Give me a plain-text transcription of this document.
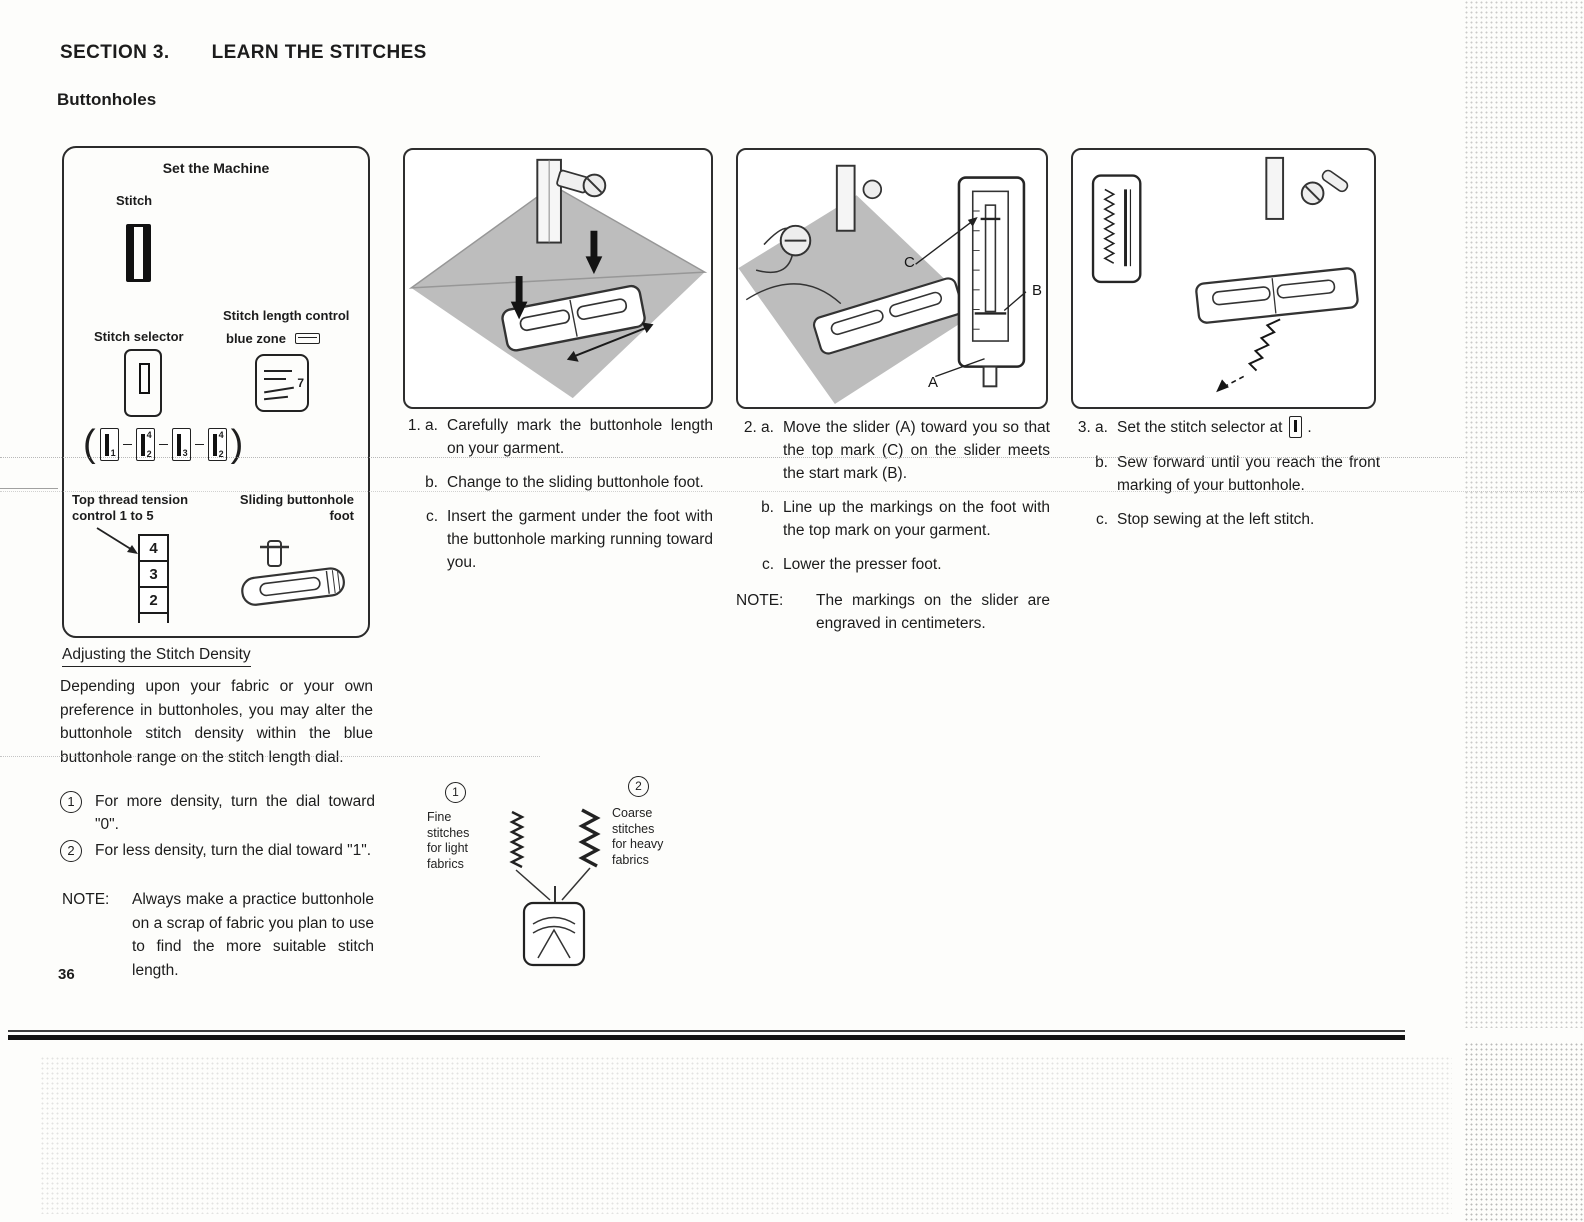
SECTION 3. LEARN THE STITCHES
Buttonholes
Set the Machine
Stitch
Stitch selector
Stitch length control
blue zone
7
( 1
4
2	3
4
2 )
Top thread tension
control 1 to 5
4
3
2
Sliding buttonhole
foot
Adjusting the Stitch Density
Depending upon your fabric or your own preference in buttonholes, you may alter the buttonhole stitch density within the blue buttonhole range on the stitch length dial.
1	For more density, turn the dial toward "0".
2	For less density, turn the dial toward "1".
NOTE:	Always make a practice buttonhole on a scrap of fabric you plan to use to find the more suitable stitch length.
36
C
B
A
1. a. Carefully mark the buttonhole length on your garment.
b. Change to the sliding buttonhole foot.
c. Insert the garment under the foot with the buttonhole marking running toward you.
2. a. Move the slider (A) toward you so that the top mark (C) on the slider meets the start mark (B).
b. Line up the markings on the foot with the top mark on your garment.
c. Lower the presser foot.
NOTE:	The markings on the slider are engraved in centimeters.
3. a. Set the stitch selector at .
b. Sew forward until you reach the front marking of your buttonhole.
c. Stop sewing at the left stitch.
1	2
Fine
stitches
for light
fabrics
Coarse
stitches
for heavy
fabrics
